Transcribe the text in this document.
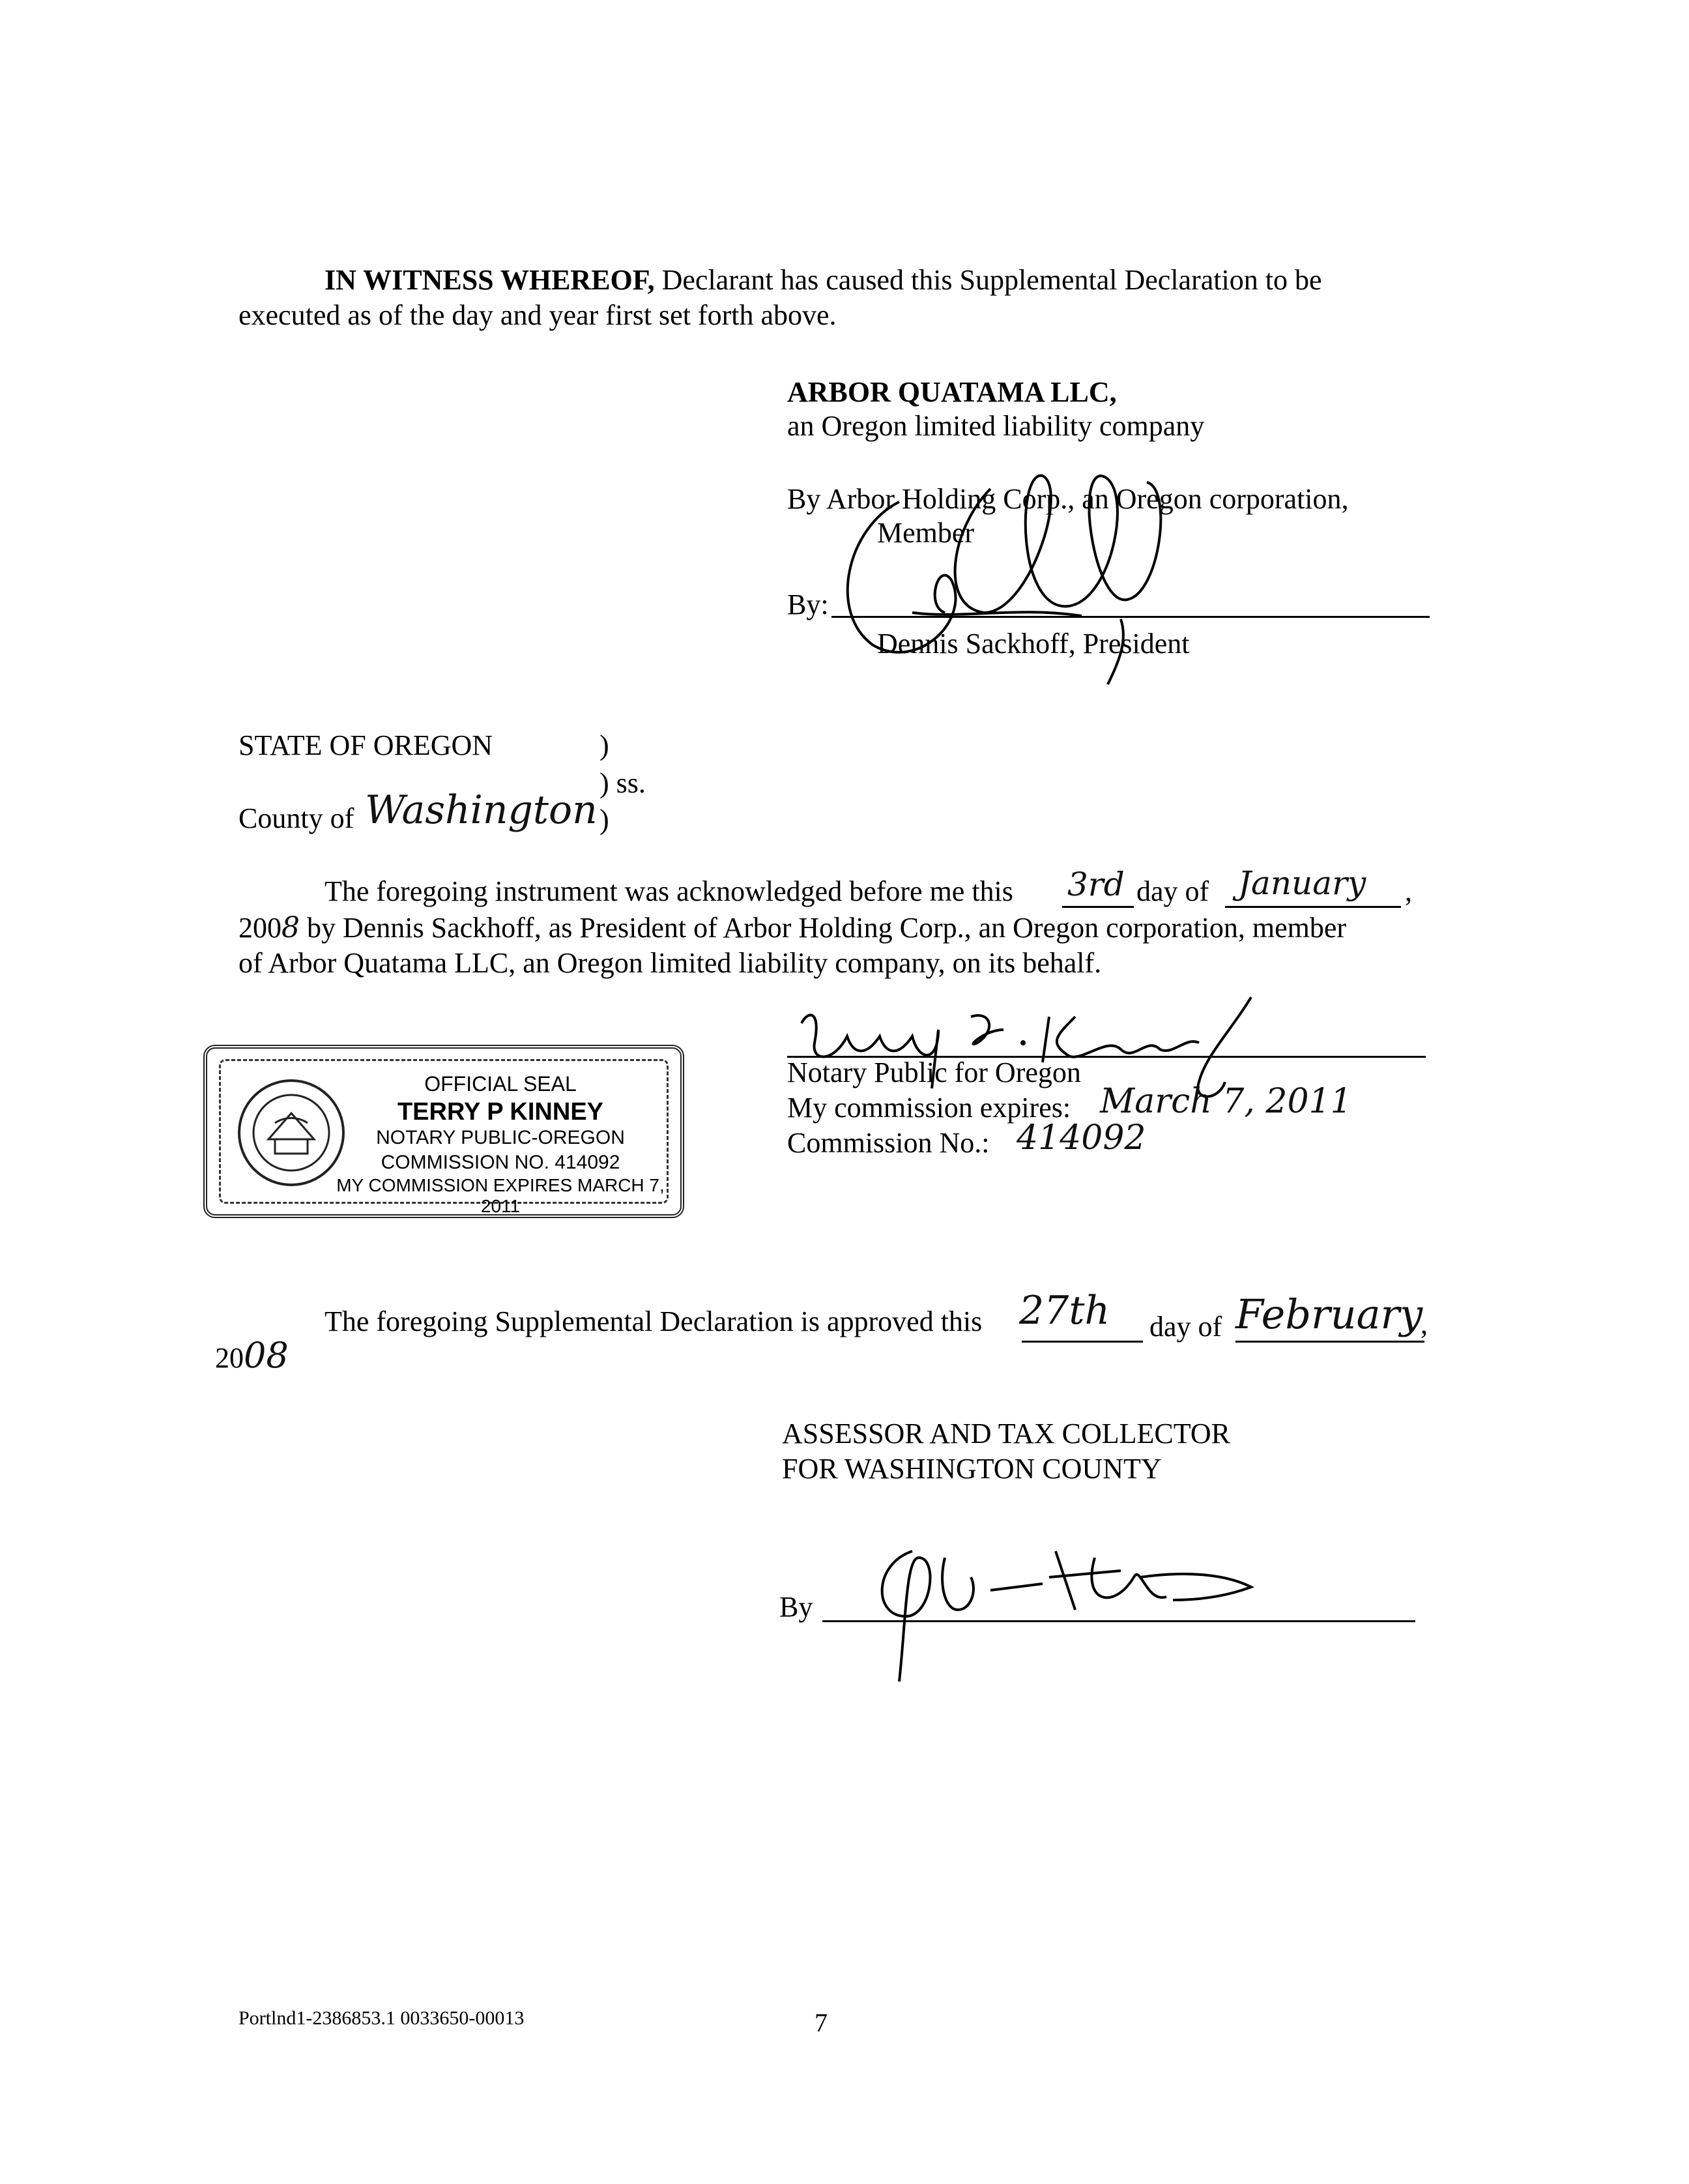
IN WITNESS WHEREOF, Declarant has caused this Supplemental Declaration to be
executed as of the day and year first set forth above.
ARBOR QUATAMA LLC,
an Oregon limited liability company
By Arbor Holding Corp., an Oregon corporation,
Member
By:
Dennis Sackhoff, President
STATE OF OREGON	)
) ss.
)
County of Washington
The foregoing instrument was acknowledged before me this 3rd day of January ,
2008 by Dennis Sackhoff, as President of Arbor Holding Corp., an Oregon corporation, member
of Arbor Quatama LLC, an Oregon limited liability company, on its behalf.
OFFICIAL SEAL
TERRY P KINNEY
NOTARY PUBLIC-OREGON
COMMISSION NO. 414092
MY COMMISSION EXPIRES MARCH 7, 2011
Notary Public for Oregon
My commission expires: March 7, 2011
Commission No.: 414092
The foregoing Supplemental Declaration is approved this 27th day of February
,
2008
ASSESSOR AND TAX COLLECTOR
FOR WASHINGTON COUNTY
By
Portlnd1-2386853.1 0033650-00013	7
